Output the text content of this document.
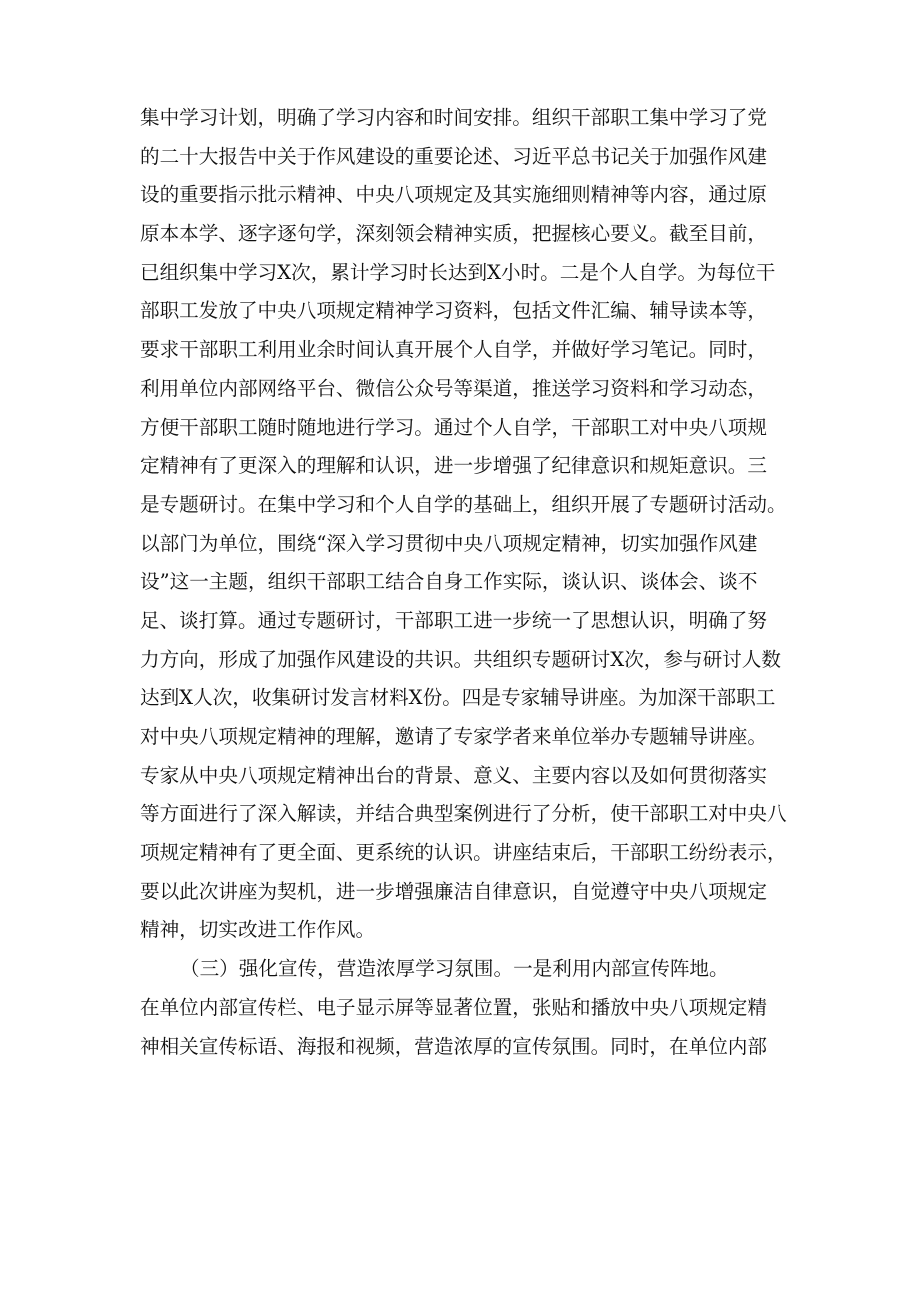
集中学习计划，明确了学习内容和时间安排。组织干部职工集中学习了党
的二十大报告中关于作风建设的重要论述、习近平总书记关于加强作风建
设的重要指示批示精神、中央八项规定及其实施细则精神等内容，通过原
原本本学、逐字逐句学，深刻领会精神实质，把握核心要义。截至目前，
已组织集中学习X次，累计学习时长达到X小时。二是个人自学。为每位干
部职工发放了中央八项规定精神学习资料，包括文件汇编、辅导读本等，
要求干部职工利用业余时间认真开展个人自学，并做好学习笔记。同时，
利用单位内部网络平台、微信公众号等渠道，推送学习资料和学习动态，
方便干部职工随时随地进行学习。通过个人自学，干部职工对中央八项规
定精神有了更深入的理解和认识，进一步增强了纪律意识和规矩意识。三
是专题研讨。在集中学习和个人自学的基础上，组织开展了专题研讨活动。
以部门为单位，围绕“深入学习贯彻中央八项规定精神，切实加强作风建
设”这一主题，组织干部职工结合自身工作实际，谈认识、谈体会、谈不
足、谈打算。通过专题研讨，干部职工进一步统一了思想认识，明确了努
力方向，形成了加强作风建设的共识。共组织专题研讨X次，参与研讨人数
达到X人次，收集研讨发言材料X份。四是专家辅导讲座。为加深干部职工
对中央八项规定精神的理解，邀请了专家学者来单位举办专题辅导讲座。
专家从中央八项规定精神出台的背景、意义、主要内容以及如何贯彻落实
等方面进行了深入解读，并结合典型案例进行了分析，使干部职工对中央八
项规定精神有了更全面、更系统的认识。讲座结束后，干部职工纷纷表示，
要以此次讲座为契机，进一步增强廉洁自律意识，自觉遵守中央八项规定
精神，切实改进工作作风。
（三）强化宣传，营造浓厚学习氛围。一是利用内部宣传阵地。
在单位内部宣传栏、电子显示屏等显著位置，张贴和播放中央八项规定精
神相关宣传标语、海报和视频，营造浓厚的宣传氛围。同时，在单位内部
